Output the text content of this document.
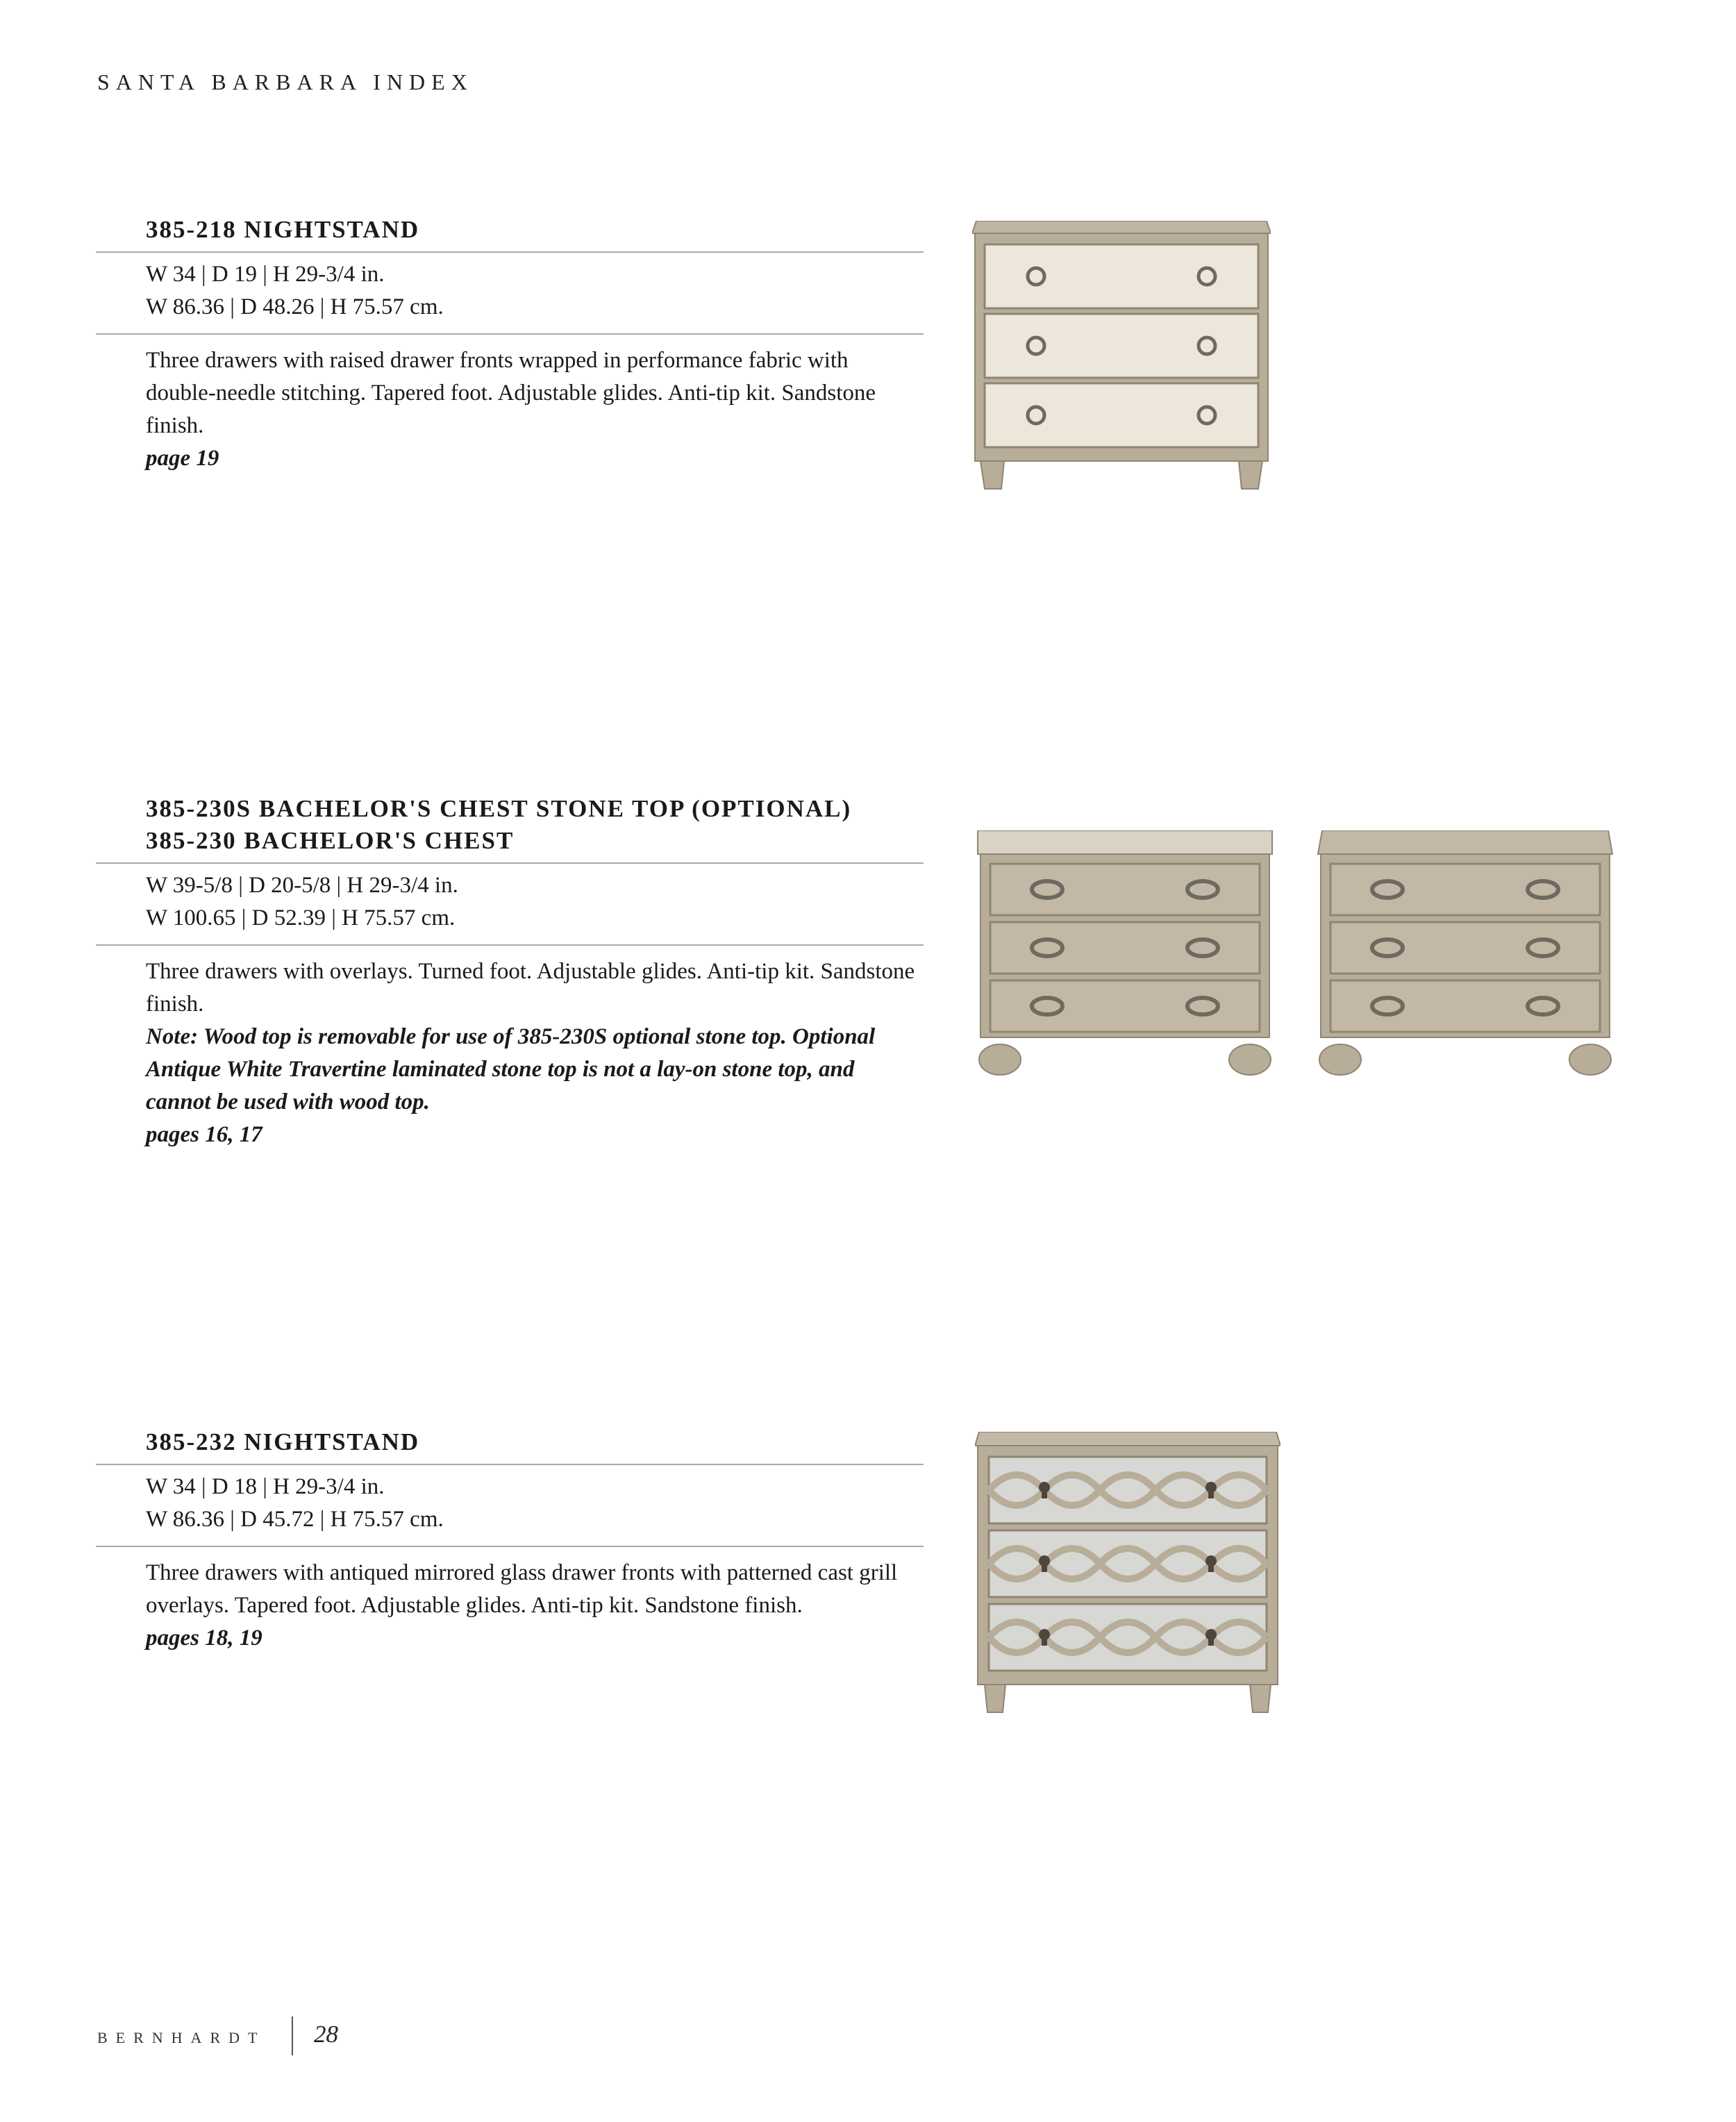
SANTA BARBARA INDEX
385-218 NIGHTSTAND
W 34 | D 19 | H 29-3/4 in.
W 86.36 | D 48.26 | H 75.57 cm.
Three drawers with raised drawer fronts wrapped in performance fabric with double-needle stitching. Tapered foot. Adjustable glides. Anti-tip kit. Sandstone finish.
page 19
385-230S BACHELOR'S CHEST STONE TOP (OPTIONAL)
385-230 BACHELOR'S CHEST
W 39-5/8 | D 20-5/8 | H 29-3/4 in.
W 100.65 | D 52.39 | H 75.57 cm.
Three drawers with overlays. Turned foot. Adjustable glides. Anti-tip kit. Sandstone finish.
Note: Wood top is removable for use of 385-230S optional stone top. Optional Antique White Travertine laminated stone top is not a lay-on stone top, and cannot be used with wood top.
pages 16, 17
385-232 NIGHTSTAND
W 34 | D 18 | H 29-3/4 in.
W 86.36 | D 45.72 | H 75.57 cm.
Three drawers with antiqued mirrored glass drawer fronts with patterned cast grill overlays. Tapered foot. Adjustable glides. Anti-tip kit. Sandstone finish.
pages 18, 19
BERNHARDT 28
